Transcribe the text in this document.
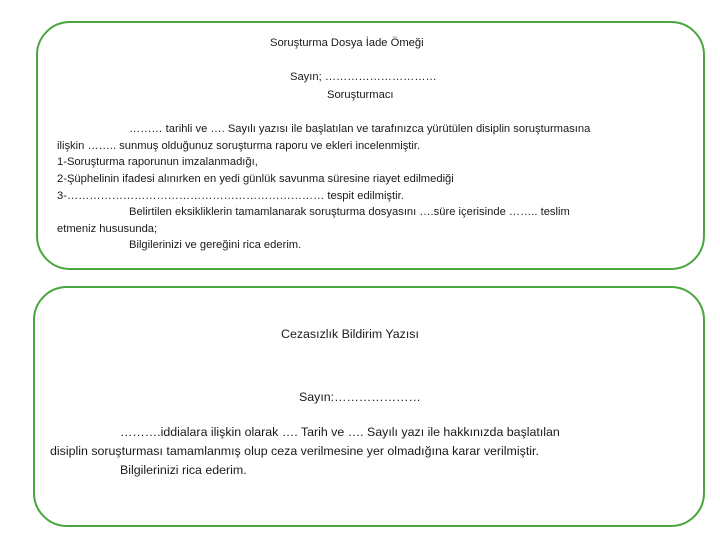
Soruşturma Dosya İade Ömeği
Sayın; …………………………
Soruşturmacı
……… tarihli ve …. Sayılı yazısı ile başlatılan ve tarafınızca yürütülen disiplin soruşturmasına
ilişkin …….. sunmuş olduğunuz soruşturma raporu ve ekleri incelenmiştir.
1-Soruşturma raporunun imzalanmadığı,
2-Şüphelinin ifadesi alınırken en yedi günlük savunma süresine riayet edilmediği
3-…………………………………………………………… tespit edilmiştir.
Belirtilen eksikliklerin tamamlanarak soruşturma dosyasını ….süre içerisinde …….. teslim
etmeniz hususunda;
Bilgilerinizi ve gereğini rica ederim.
Cezasızlık Bildirim Yazısı
Sayın:…………………
……….iddialara ilişkin olarak …. Tarih ve …. Sayılı yazı ile hakkınızda başlatılan
disiplin soruşturması tamamlanmış olup ceza verilmesine yer olmadığına karar verilmiştir.
Bilgilerinizi rica ederim.
